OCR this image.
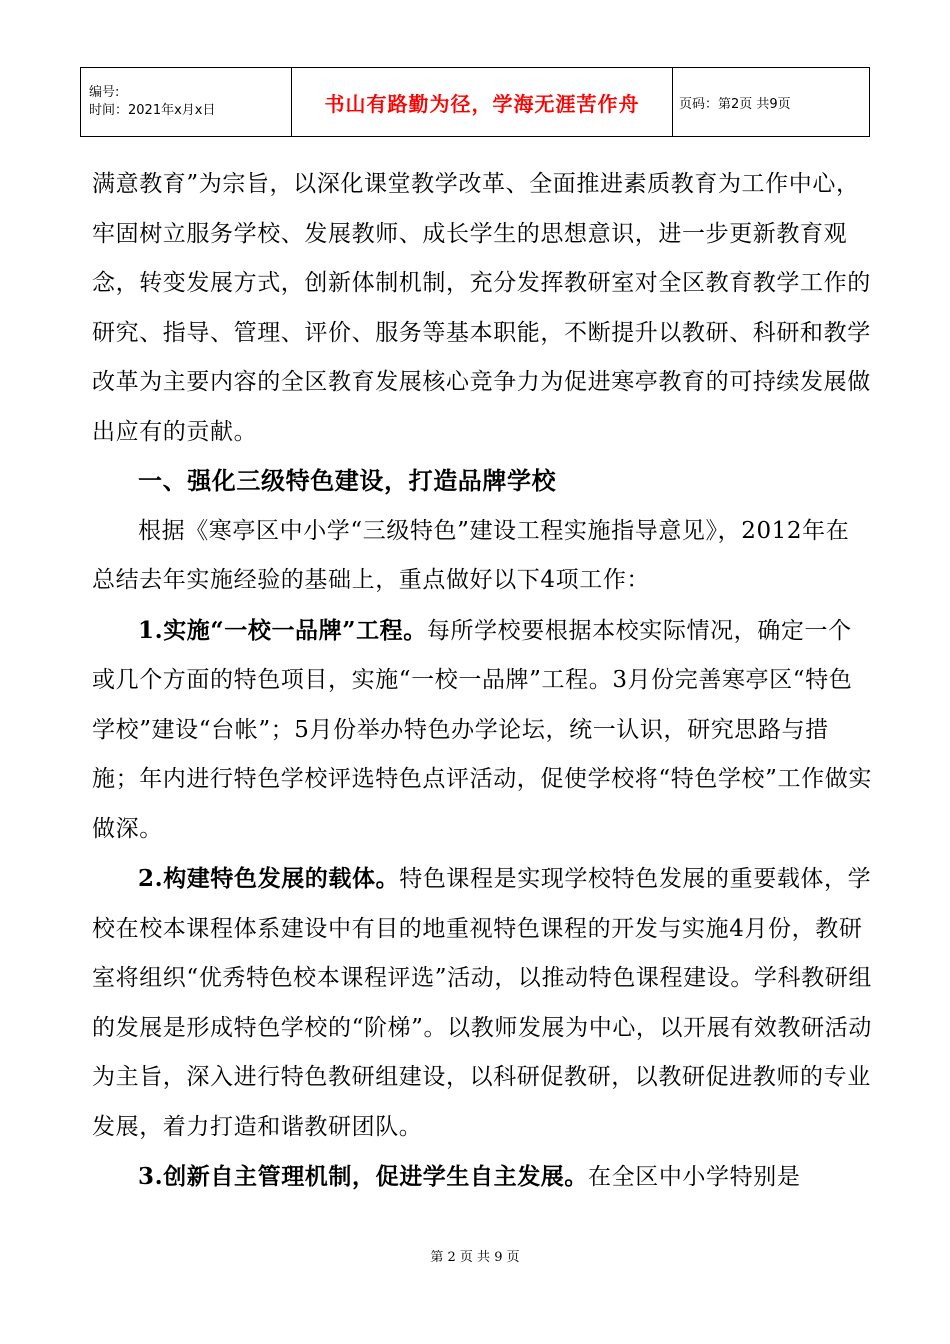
编号:
时间：2021年x月x日	书山有路勤为径，学海无涯苦作舟	页码：第2页 共9页

满意教育”为宗旨，以深化课堂教学改革、全面推进素质教育为工作中心，牢固树立服务学校、发展教师、成长学生的思想意识，进一步更新教育观念，转变发展方式，创新体制机制，充分发挥教研室对全区教育教学工作的研究、指导、管理、评价、服务等基本职能，不断提升以教研、科研和教学改革为主要内容的全区教育发展核心竞争力为促进寒亭教育的可持续发展做出应有的贡献。

一、强化三级特色建设，打造品牌学校

根据《寒亭区中小学“三级特色”建设工程实施指导意见》，2012年在总结去年实施经验的基础上，重点做好以下4项工作：

1.实施“一校一品牌”工程。每所学校要根据本校实际情况，确定一个或几个方面的特色项目，实施“一校一品牌”工程。3月份完善寒亭区“特色学校”建设“台帐”；5月份举办特色办学论坛，统一认识，研究思路与措施；年内进行特色学校评选特色点评活动，促使学校将“特色学校”工作做实做深。

2.构建特色发展的载体。特色课程是实现学校特色发展的重要载体，学校在校本课程体系建设中有目的地重视特色课程的开发与实施4月份，教研室将组织“优秀特色校本课程评选”活动，以推动特色课程建设。学科教研组的发展是形成特色学校的“阶梯”。以教师发展为中心，以开展有效教研活动为主旨，深入进行特色教研组建设，以科研促教研，以教研促进教师的专业发展，着力打造和谐教研团队。

3.创新自主管理机制，促进学生自主发展。在全区中小学特别是

第 2 页 共 9 页
